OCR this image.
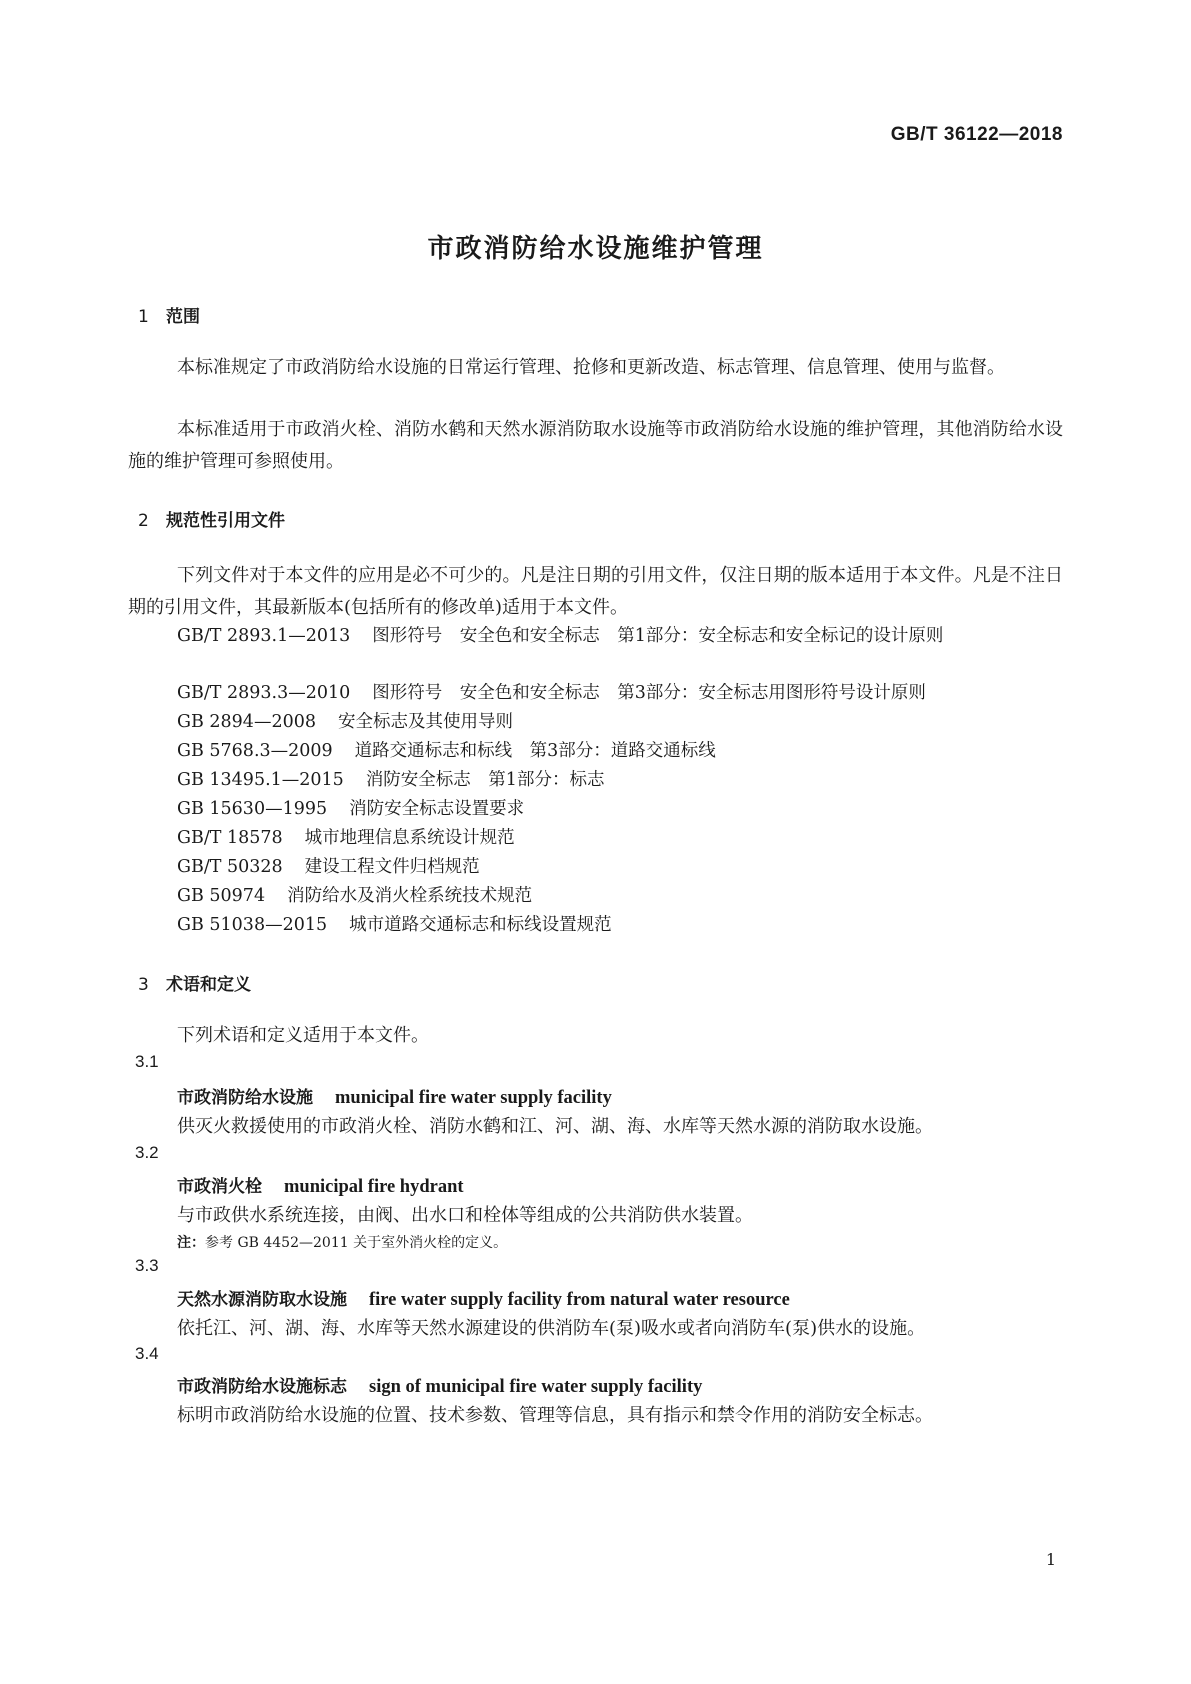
GB/T 36122—2018
市政消防给水设施维护管理
1 范围
本标准规定了市政消防给水设施的日常运行管理、抢修和更新改造、标志管理、信息管理、使用与监督。
本标准适用于市政消火栓、消防水鹤和天然水源消防取水设施等市政消防给水设施的维护管理，其他消防给水设施的维护管理可参照使用。
2 规范性引用文件
下列文件对于本文件的应用是必不可少的。凡是注日期的引用文件，仅注日期的版本适用于本文件。凡是不注日期的引用文件，其最新版本(包括所有的修改单)适用于本文件。
GB/T 2893.1—2013 图形符号　安全色和安全标志　第1部分：安全标志和安全标记的设计原则
GB/T 2893.3—2010 图形符号　安全色和安全标志　第3部分：安全标志用图形符号设计原则
GB 2894—2008 安全标志及其使用导则
GB 5768.3—2009 道路交通标志和标线　第3部分：道路交通标线
GB 13495.1—2015 消防安全标志　第1部分：标志
GB 15630—1995 消防安全标志设置要求
GB/T 18578 城市地理信息系统设计规范
GB/T 50328 建设工程文件归档规范
GB 50974 消防给水及消火栓系统技术规范
GB 51038—2015 城市道路交通标志和标线设置规范
3 术语和定义
下列术语和定义适用于本文件。
3.1
市政消防给水设施 municipal fire water supply facility
供灭火救援使用的市政消火栓、消防水鹤和江、河、湖、海、水库等天然水源的消防取水设施。
3.2
市政消火栓 municipal fire hydrant
与市政供水系统连接，由阀、出水口和栓体等组成的公共消防供水装置。
注：参考 GB 4452—2011 关于室外消火栓的定义。
3.3
天然水源消防取水设施 fire water supply facility from natural water resource
依托江、河、湖、海、水库等天然水源建设的供消防车(泵)吸水或者向消防车(泵)供水的设施。
3.4
市政消防给水设施标志 sign of municipal fire water supply facility
标明市政消防给水设施的位置、技术参数、管理等信息，具有指示和禁令作用的消防安全标志。
1
